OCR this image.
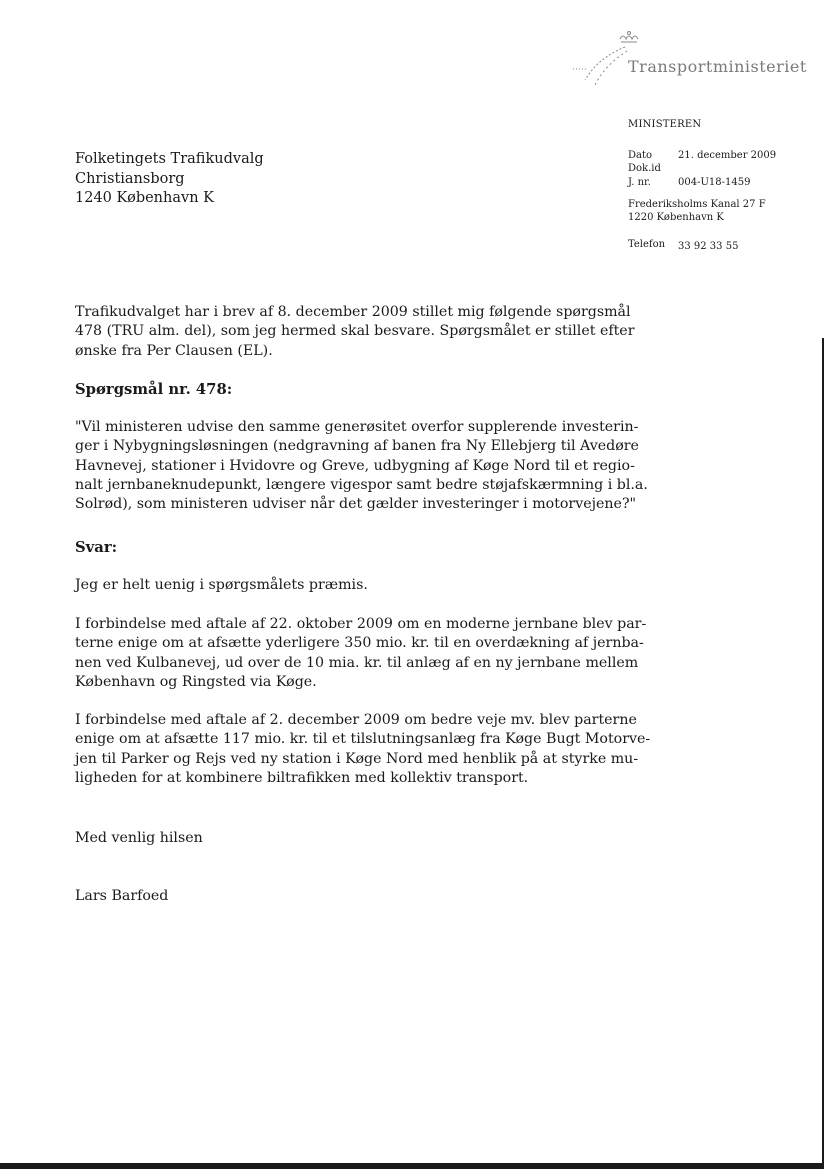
Transportministeriet
MINISTEREN
Dato	21. december 2009
Dok.id
J. nr.	004-U18-1459
Frederiksholms Kanal 27 F
1220 København K
Telefon 33 92 33 55
Folketingets Trafikudvalg
Christiansborg
1240 København K
Trafikudvalget har i brev af 8. december 2009 stillet mig følgende spørgsmål
478 (TRU alm. del), som jeg hermed skal besvare. Spørgsmålet er stillet efter
ønske fra Per Clausen (EL).
Spørgsmål nr. 478:
"Vil ministeren udvise den samme generøsitet overfor supplerende investerin-
ger i Nybygningsløsningen (nedgravning af banen fra Ny Ellebjerg til Avedøre
Havnevej, stationer i Hvidovre og Greve, udbygning af Køge Nord til et regio-
nalt jernbaneknudepunkt, længere vigespor samt bedre støjafskærmning i bl.a.
Solrød), som ministeren udviser når det gælder investeringer i motorvejene?"
Svar:
Jeg er helt uenig i spørgsmålets præmis.
I forbindelse med aftale af 22. oktober 2009 om en moderne jernbane blev par-
terne enige om at afsætte yderligere 350 mio. kr. til en overdækning af jernba-
nen ved Kulbanevej, ud over de 10 mia. kr. til anlæg af en ny jernbane mellem
København og Ringsted via Køge.
I forbindelse med aftale af 2. december 2009 om bedre veje mv. blev parterne
enige om at afsætte 117 mio. kr. til et tilslutningsanlæg fra Køge Bugt Motorve-
jen til Parker og Rejs ved ny station i Køge Nord med henblik på at styrke mu-
ligheden for at kombinere biltrafikken med kollektiv transport.
Med venlig hilsen
Lars Barfoed
